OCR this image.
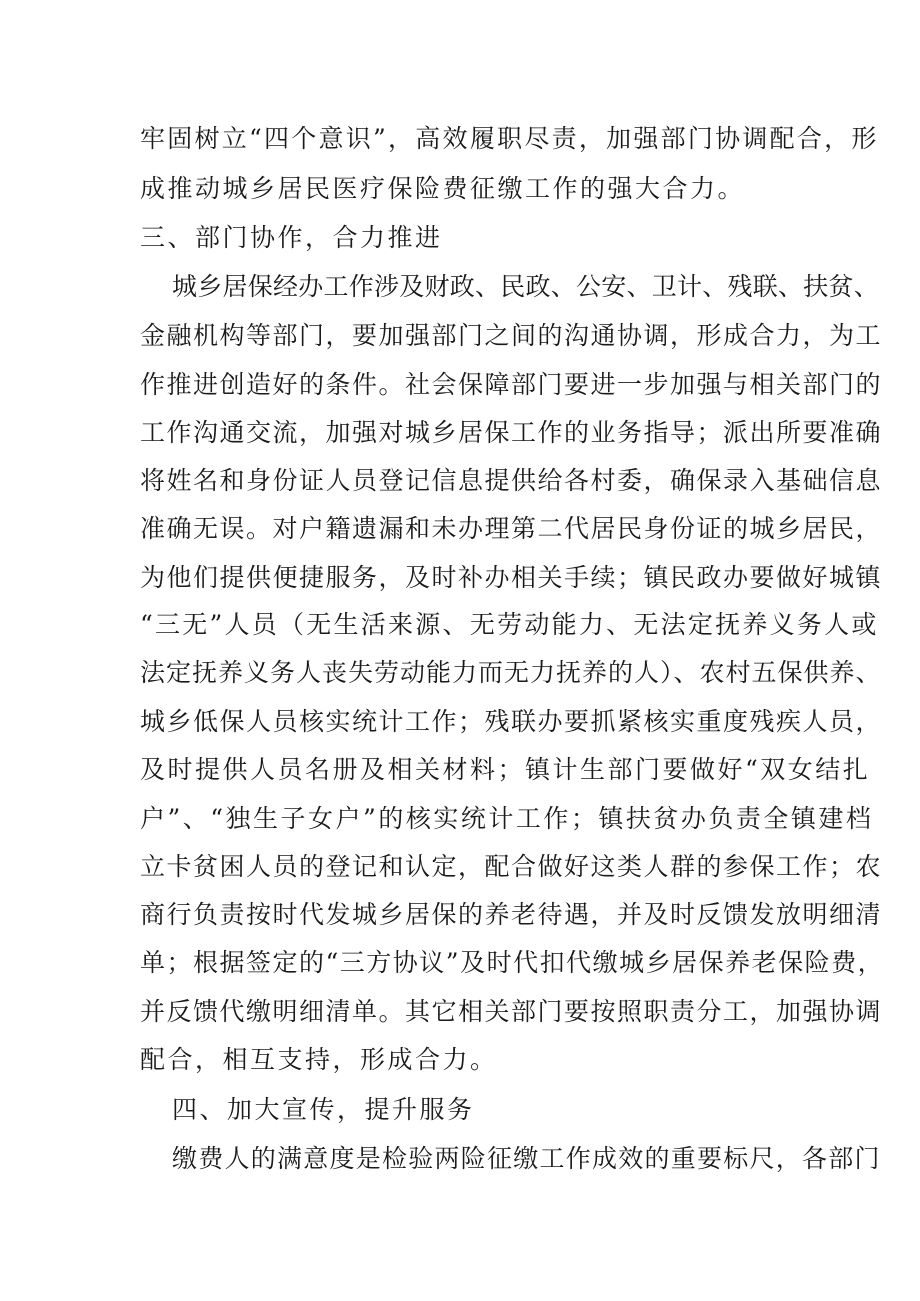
牢固树立“四个意识”，高效履职尽责，加强部门协调配合，形

成推动城乡居民医疗保险费征缴工作的强大合力。

三、部门协作，合力推进

城乡居保经办工作涉及财政、民政、公安、卫计、残联、扶贫、

金融机构等部门，要加强部门之间的沟通协调，形成合力，为工

作推进创造好的条件。社会保障部门要进一步加强与相关部门的

工作沟通交流，加强对城乡居保工作的业务指导；派出所要准确

将姓名和身份证人员登记信息提供给各村委，确保录入基础信息

准确无误。对户籍遗漏和未办理第二代居民身份证的城乡居民，

为他们提供便捷服务，及时补办相关手续；镇民政办要做好城镇

“三无”人员（无生活来源、无劳动能力、无法定抚养义务人或

法定抚养义务人丧失劳动能力而无力抚养的人）、农村五保供养、

城乡低保人员核实统计工作；残联办要抓紧核实重度残疾人员，

及时提供人员名册及相关材料；镇计生部门要做好“双女结扎

户”、“独生子女户”的核实统计工作；镇扶贫办负责全镇建档

立卡贫困人员的登记和认定，配合做好这类人群的参保工作；农

商行负责按时代发城乡居保的养老待遇，并及时反馈发放明细清

单；根据签定的“三方协议”及时代扣代缴城乡居保养老保险费，

并反馈代缴明细清单。其它相关部门要按照职责分工，加强协调

配合，相互支持，形成合力。

四、加大宣传，提升服务

缴费人的满意度是检验两险征缴工作成效的重要标尺，各部门
